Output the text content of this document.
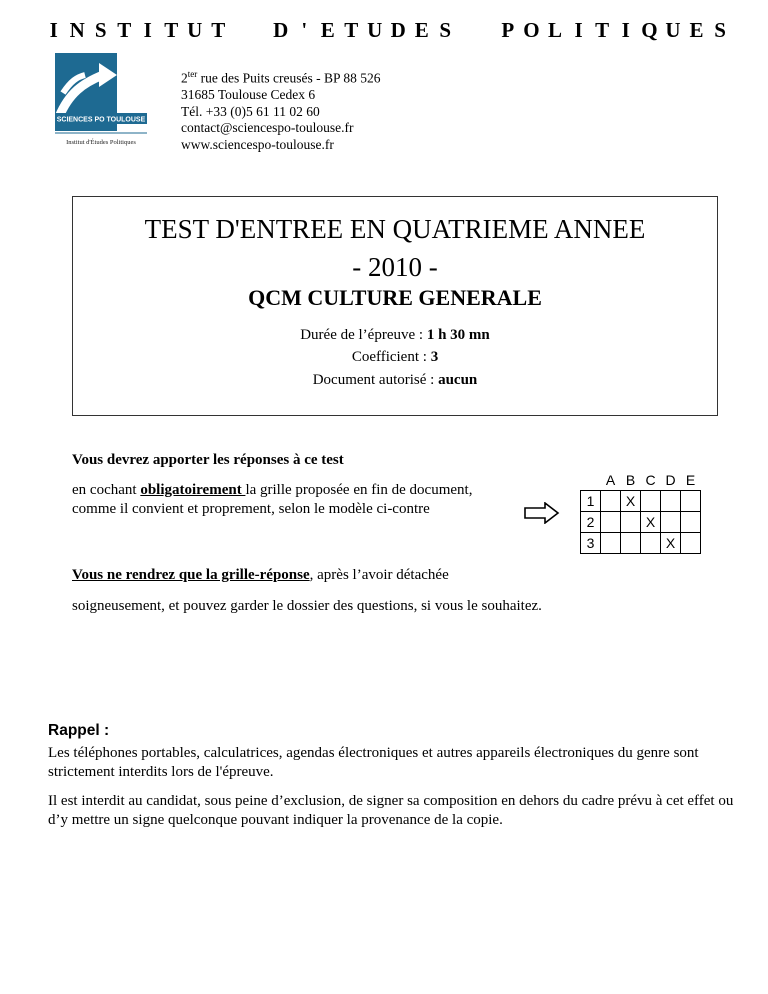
I N S T I T U T D ' E T U D E S P O L I T I Q U E S
SCIENCES PO TOULOUSE
Institut d'Études Politiques
$2^{ter}$ rue des Puits creusés - BP 88 526
31685 Toulouse Cedex 6
Tél. +33 (0)5 61 11 02 60
contact@sciencespo-toulouse.fr
www.sciencespo-toulouse.fr
TEST D'ENTREE EN QUATRIEME ANNEE
- 2010 -
QCM CULTURE GENERALE
Durée de l’épreuve : 1 h 30 mn
Coefficient : 3
Document autorisé : aucun
Vous devrez apporter les réponses à ce test
en cochant obligatoirement la grille proposée en fin de document,
comme il convient et proprement, selon le modèle ci-contre
	A	B	C	D	E
1		X			
2			X		
3				X	
Vous ne rendrez que la grille-réponse, après l’avoir détachée
soigneusement, et pouvez garder le dossier des questions, si vous le souhaitez.
Rappel :
Les téléphones portables, calculatrices, agendas électroniques et autres appareils électroniques du genre sont strictement interdits lors de l'épreuve.
Il est interdit au candidat, sous peine d’exclusion, de signer sa composition en dehors du cadre prévu à cet effet ou d’y mettre un signe quelconque pouvant indiquer la provenance de la copie.
